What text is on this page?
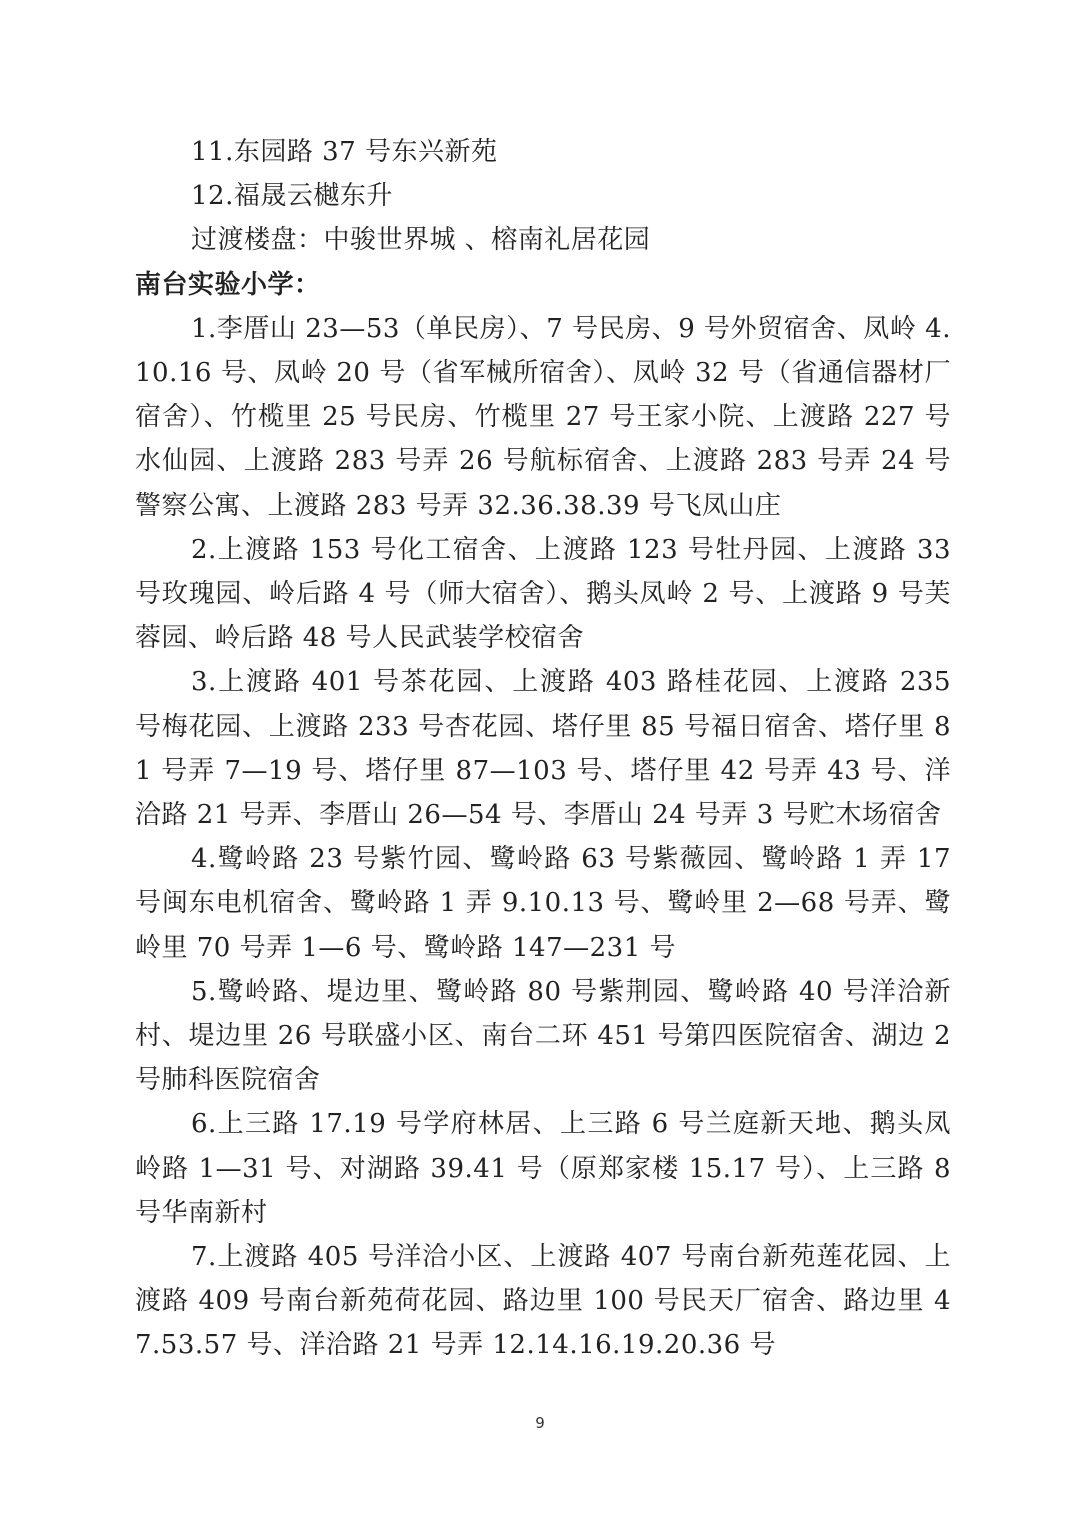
11.东园路 37 号东兴新苑

12.福晟云樾东升

过渡楼盘：中骏世界城 、榕南礼居花园

南台实验小学：

1.李厝山 23—53（单民房）、7 号民房、9 号外贸宿舍、凤岭 4.10.16 号、凤岭 20 号（省军械所宿舍）、凤岭 32 号（省通信器材厂宿舍）、竹榄里 25 号民房、竹榄里 27 号王家小院、上渡路 227 号水仙园、上渡路 283 号弄 26 号航标宿舍、上渡路 283 号弄 24 号警察公寓、上渡路 283 号弄 32.36.38.39 号飞凤山庄

2.上渡路 153 号化工宿舍、上渡路 123 号牡丹园、上渡路 33 号玫瑰园、岭后路 4 号（师大宿舍）、鹅头凤岭 2 号、上渡路 9 号芙蓉园、岭后路 48 号人民武装学校宿舍

3.上渡路 401 号茶花园、上渡路 403 路桂花园、上渡路 235 号梅花园、上渡路 233 号杏花园、塔仔里 85 号福日宿舍、塔仔里 81 号弄 7—19 号、塔仔里 87—103 号、塔仔里 42 号弄 43 号、洋洽路 21 号弄、李厝山 26—54 号、李厝山 24 号弄 3 号贮木场宿舍

4.鹭岭路 23 号紫竹园、鹭岭路 63 号紫薇园、鹭岭路 1 弄 17 号闽东电机宿舍、鹭岭路 1 弄 9.10.13 号、鹭岭里 2—68 号弄、鹭岭里 70 号弄 1—6 号、鹭岭路 147—231 号

5.鹭岭路、堤边里、鹭岭路 80 号紫荆园、鹭岭路 40 号洋洽新村、堤边里 26 号联盛小区、南台二环 451 号第四医院宿舍、湖边 2 号肺科医院宿舍

6.上三路 17.19 号学府林居、上三路 6 号兰庭新天地、鹅头凤岭路 1—31 号、对湖路 39.41 号（原郑家楼 15.17 号）、上三路 8 号华南新村

7.上渡路 405 号洋洽小区、上渡路 407 号南台新苑莲花园、上渡路 409 号南台新苑荷花园、路边里 100 号民天厂宿舍、路边里 47.53.57 号、洋洽路 21 号弄 12.14.16.19.20.36 号

9
